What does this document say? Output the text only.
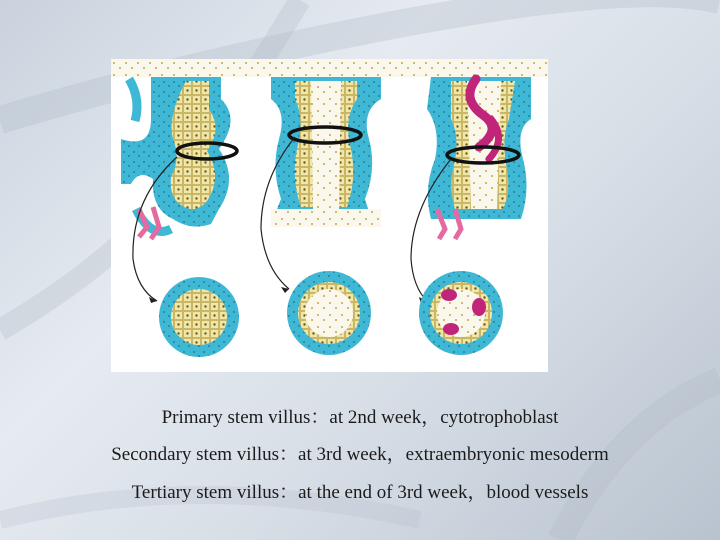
Primary stem villus：at 2nd week，cytotrophoblast
Secondary stem villus：at 3rd week，extraembryonic mesoderm
Tertiary stem villus：at the end of 3rd week，blood vessels
